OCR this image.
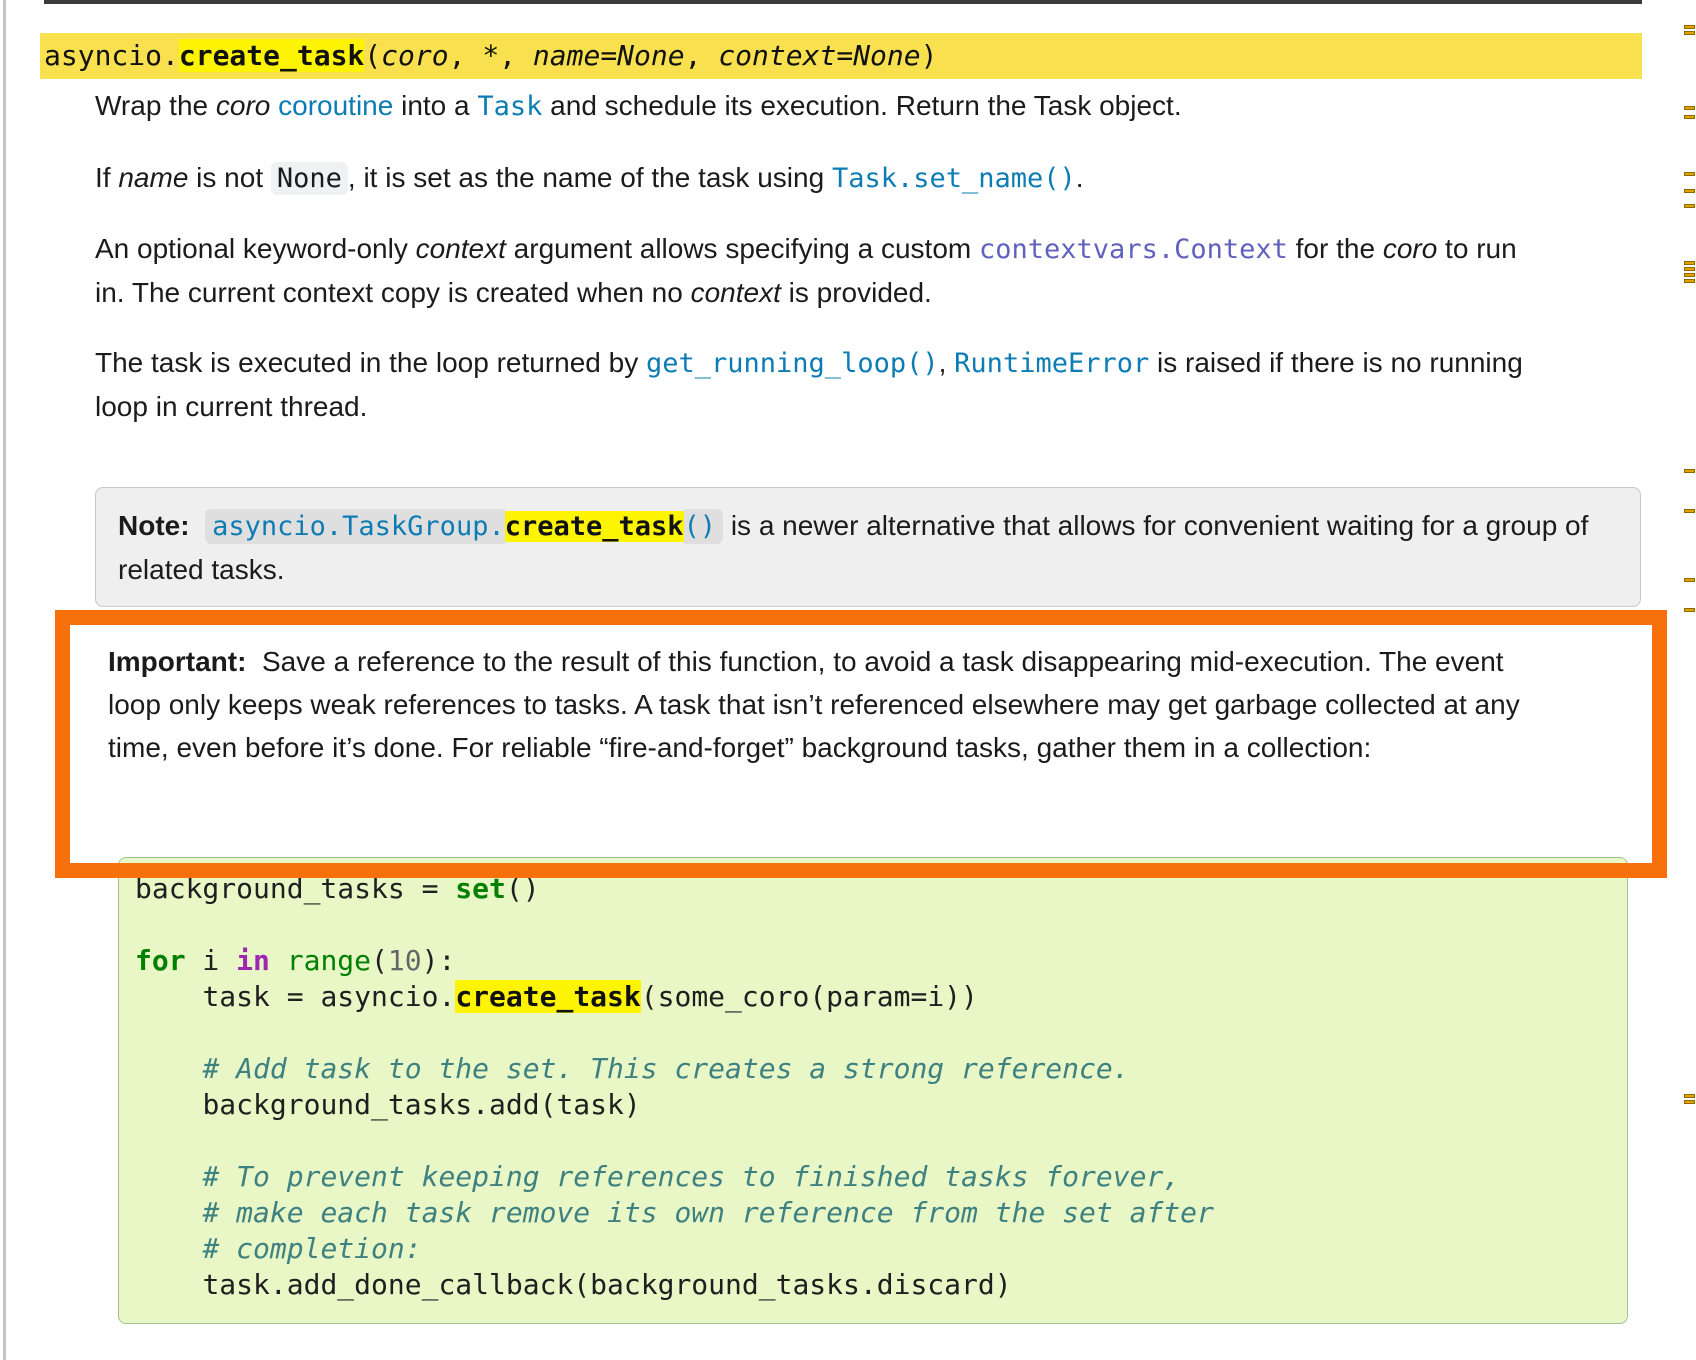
asyncio.create_task(coro, *, name=None, context=None)
Wrap the coro coroutine into a Task and schedule its execution. Return the Task object.
If name is not None , it is set as the name of the task using Task.set_name().
An optional keyword-only context argument allows specifying a custom contextvars.Context for the coro to run in. The current context copy is created when no context is provided.
The task is executed in the loop returned by get_running_loop(), RuntimeError is raised if there is no running loop in current thread.
Note: asyncio.TaskGroup.create_task() is a newer alternative that allows for convenient waiting for a group of related tasks.
Important:  Save a reference to the result of this function, to avoid a task disappearing mid-execution. The event loop only keeps weak references to tasks. A task that isn’t referenced elsewhere may get garbage collected at any time, even before it’s done. For reliable “fire-and-forget” background tasks, gather them in a collection:
background_tasks = set()

for i in range(10):
task = asyncio.create_task(some_coro(param=i))

# Add task to the set. This creates a strong reference.
background_tasks.add(task)

# To prevent keeping references to finished tasks forever,
# make each task remove its own reference from the set after
# completion:
task.add_done_callback(background_tasks.discard)
